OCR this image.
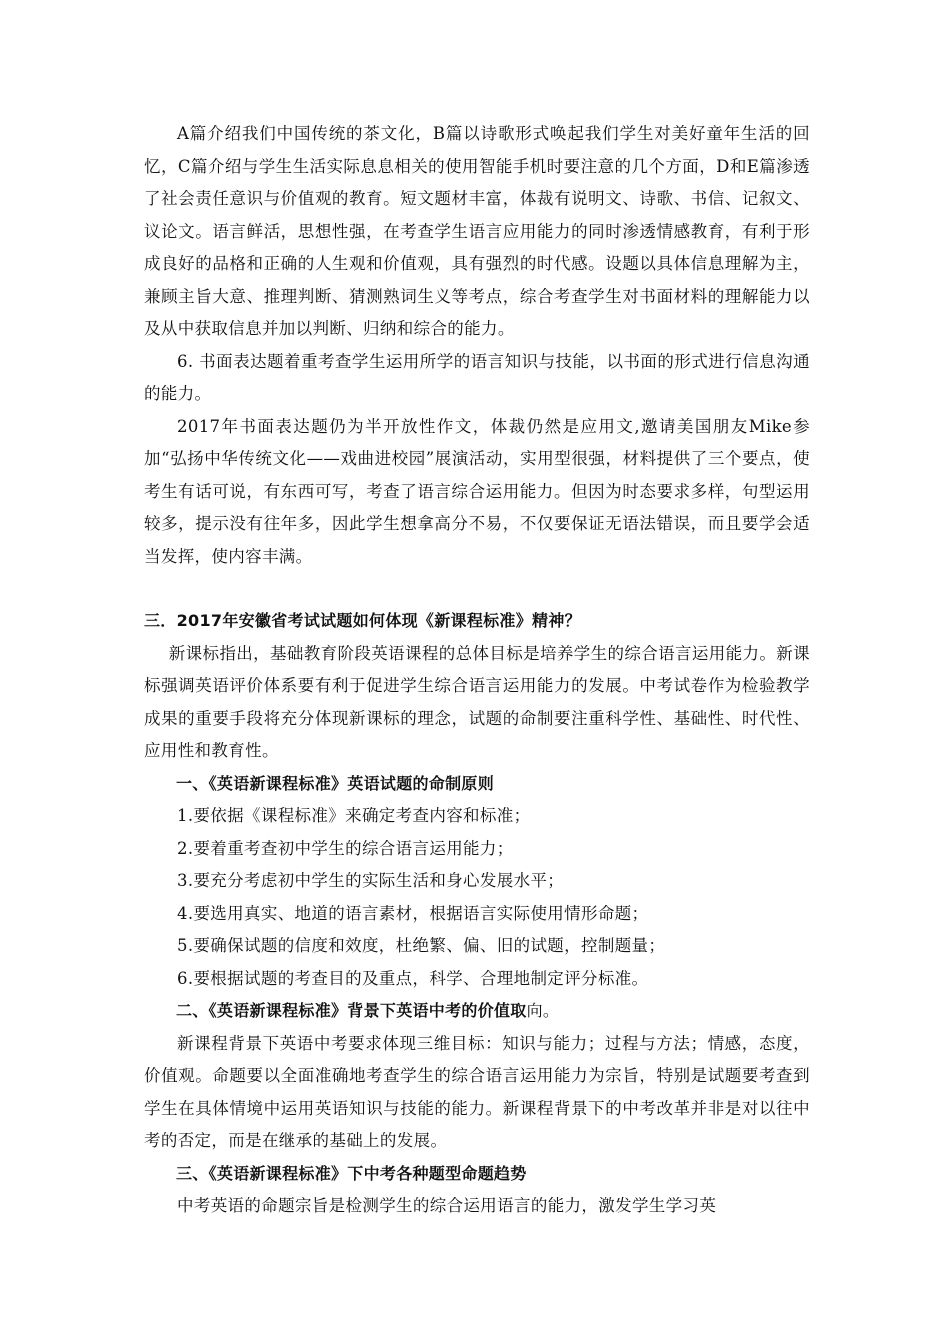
A篇介绍我们中国传统的茶文化，B篇以诗歌形式唤起我们学生对美好童年生活的回忆，C篇介绍与学生生活实际息息相关的使用智能手机时要注意的几个方面，D和E篇渗透了社会责任意识与价值观的教育。短文题材丰富，体裁有说明文、诗歌、书信、记叙文、议论文。语言鲜活，思想性强，在考查学生语言应用能力的同时渗透情感教育，有利于形成良好的品格和正确的人生观和价值观，具有强烈的时代感。设题以具体信息理解为主，兼顾主旨大意、推理判断、猜测熟词生义等考点，综合考查学生对书面材料的理解能力以及从中获取信息并加以判断、归纳和综合的能力。

6. 书面表达题着重考查学生运用所学的语言知识与技能，以书面的形式进行信息沟通的能力。

2017年书面表达题仍为半开放性作文，体裁仍然是应用文,邀请美国朋友Mike参加“弘扬中华传统文化——戏曲进校园”展演活动，实用型很强，材料提供了三个要点，使考生有话可说，有东西可写，考查了语言综合运用能力。但因为时态要求多样，句型运用较多，提示没有往年多，因此学生想拿高分不易，不仅要保证无语法错误，而且要学会适当发挥，使内容丰满。

三．2017年安徽省考试试题如何体现《新课程标准》精神？

新课标指出，基础教育阶段英语课程的总体目标是培养学生的综合语言运用能力。新课标强调英语评价体系要有利于促进学生综合语言运用能力的发展。中考试卷作为检验教学成果的重要手段将充分体现新课标的理念，试题的命制要注重科学性、基础性、时代性、应用性和教育性。

一、《英语新课程标准》英语试题的命制原则

1.要依据《课程标准》来确定考查内容和标准；

2.要着重考查初中学生的综合语言运用能力；

3.要充分考虑初中学生的实际生活和身心发展水平；

4.要选用真实、地道的语言素材，根据语言实际使用情形命题；

5.要确保试题的信度和效度，杜绝繁、偏、旧的试题，控制题量；

6.要根据试题的考查目的及重点，科学、合理地制定评分标准。

二、《英语新课程标准》背景下英语中考的价值取向。

新课程背景下英语中考要求体现三维目标：知识与能力；过程与方法；情感，态度，价值观。命题要以全面准确地考查学生的综合语言运用能力为宗旨，特别是试题要考查到学生在具体情境中运用英语知识与技能的能力。新课程背景下的中考改革并非是对以往中考的否定，而是在继承的基础上的发展。

三、《英语新课程标准》下中考各种题型命题趋势

中考英语的命题宗旨是检测学生的综合运用语言的能力，激发学生学习英
